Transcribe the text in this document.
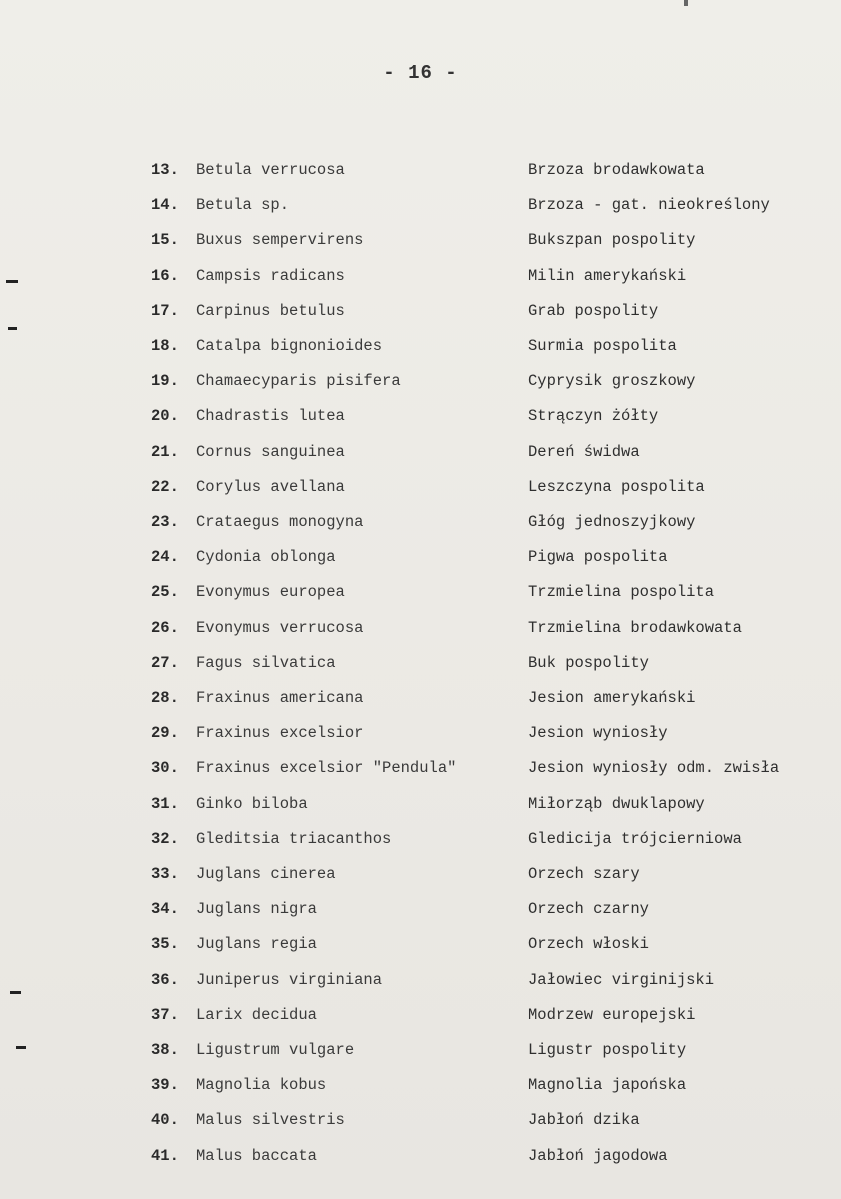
- 16 -
13.	Betula verrucosa	Brzoza brodawkowata
14.	Betula sp.	Brzoza - gat. nieokreślony
15.	Buxus sempervirens	Bukszpan pospolity
16.	Campsis radicans	Milin amerykański
17.	Carpinus betulus	Grab pospolity
18.	Catalpa bignonioides	Surmia pospolita
19.	Chamaecyparis pisifera	Cyprysik groszkowy
20.	Chadrastis lutea	Strączyn żółty
21.	Cornus sanguinea	Dereń świdwa
22.	Corylus avellana	Leszczyna pospolita
23.	Crataegus monogyna	Głóg jednoszyjkowy
24.	Cydonia oblonga	Pigwa pospolita
25.	Evonymus europea	Trzmielina pospolita
26.	Evonymus verrucosa	Trzmielina brodawkowata
27.	Fagus silvatica	Buk pospolity
28.	Fraxinus americana	Jesion amerykański
29.	Fraxinus excelsior	Jesion wyniosły
30.	Fraxinus excelsior "Pendula"	Jesion wyniosły odm. zwisła
31.	Ginko biloba	Miłorząb dwuklapowy
32.	Gleditsia triacanthos	Gledicija trójcierniowa
33.	Juglans cinerea	Orzech szary
34.	Juglans nigra	Orzech czarny
35.	Juglans regia	Orzech włoski
36.	Juniperus virginiana	Jałowiec virginijski
37.	Larix decidua	Modrzew europejski
38.	Ligustrum vulgare	Ligustr pospolity
39.	Magnolia kobus	Magnolia japońska
40.	Malus silvestris	Jabłoń dzika
41.	Malus baccata	Jabłoń jagodowa
